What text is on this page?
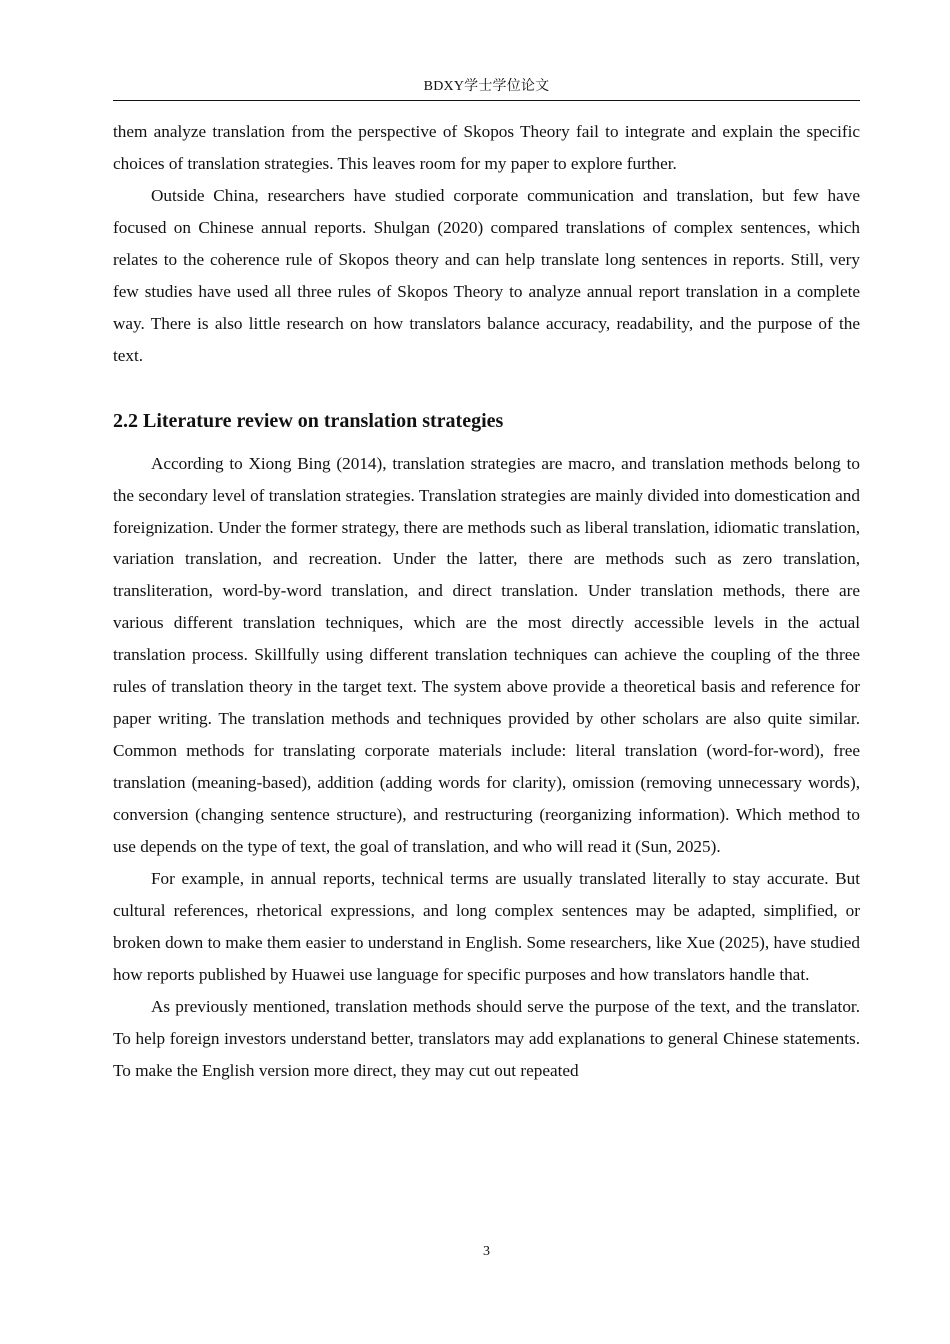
BDXY学士学位论文

them analyze translation from the perspective of Skopos Theory fail to integrate and explain the specific choices of translation strategies. This leaves room for my paper to explore further.

Outside China, researchers have studied corporate communication and translation, but few have focused on Chinese annual reports. Shulgan (2020) compared translations of complex sentences, which relates to the coherence rule of Skopos theory and can help translate long sentences in reports. Still, very few studies have used all three rules of Skopos Theory to analyze annual report translation in a complete way. There is also little research on how translators balance accuracy, readability, and the purpose of the text.

2.2 Literature review on translation strategies

According to Xiong Bing (2014), translation strategies are macro, and translation methods belong to the secondary level of translation strategies. Translation strategies are mainly divided into domestication and foreignization. Under the former strategy, there are methods such as liberal translation, idiomatic translation, variation translation, and recreation. Under the latter, there are methods such as zero translation, transliteration, word-by-word translation, and direct translation. Under translation methods, there are various different translation techniques, which are the most directly accessible levels in the actual translation process. Skillfully using different translation techniques can achieve the coupling of the three rules of translation theory in the target text. The system above provide a theoretical basis and reference for paper writing. The translation methods and techniques provided by other scholars are also quite similar. Common methods for translating corporate materials include: literal translation (word-for-word), free translation (meaning-based), addition (adding words for clarity), omission (removing unnecessary words), conversion (changing sentence structure), and restructuring (reorganizing information). Which method to use depends on the type of text, the goal of translation, and who will read it (Sun, 2025).

For example, in annual reports, technical terms are usually translated literally to stay accurate. But cultural references, rhetorical expressions, and long complex sentences may be adapted, simplified, or broken down to make them easier to understand in English. Some researchers, like Xue (2025), have studied how reports published by Huawei use language for specific purposes and how translators handle that.

As previously mentioned, translation methods should serve the purpose of the text, and the translator. To help foreign investors understand better, translators may add explanations to general Chinese statements. To make the English version more direct, they may cut out repeated

3
